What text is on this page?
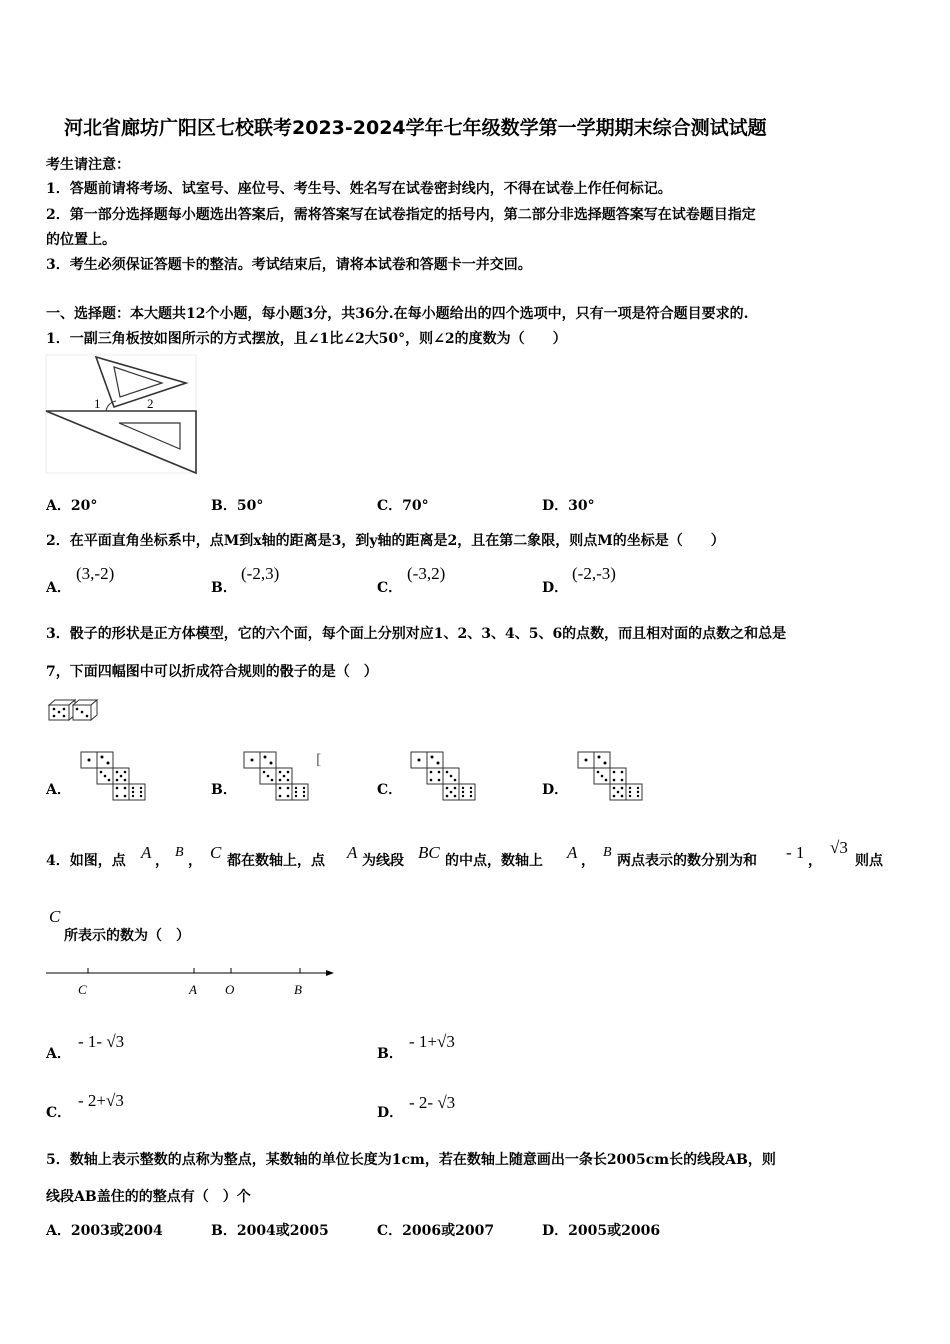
河北省廊坊广阳区七校联考2023-2024学年七年级数学第一学期期末综合测试试题
考生请注意：
1．答题前请将考场、试室号、座位号、考生号、姓名写在试卷密封线内，不得在试卷上作任何标记。
2．第一部分选择题每小题选出答案后，需将答案写在试卷指定的括号内，第二部分非选择题答案写在试卷题目指定
的位置上。
3．考生必须保证答题卡的整洁。考试结束后，请将本试卷和答题卡一并交回。
一、选择题：本大题共12个小题，每小题3分，共36分.在每小题给出的四个选项中，只有一项是符合题目要求的.
1．一副三角板按如图所示的方式摆放，且∠1比∠2大50°，则∠2的度数为（　　）
1	2
A．20°	B．50°	C．70°	D．30°
2．在平面直角坐标系中，点M到x轴的距离是3，到y轴的距离是2，且在第二象限，则点M的坐标是（　　）
A．
(3,-2)
B．
(-2,3)
C．
(-3,2)
D．
(-2,-3)
3．骰子的形状是正方体模型，它的六个面，每个面上分别对应1、2、3、4、5、6的点数，而且相对面的点数之和总是
7，下面四幅图中可以折成符合规则的骰子的是（　）
A．	B．
[
C．	D．
4．如图，点 A ，
B
， C 都在数轴上，点 A 为线段 BC 的中点，数轴上 A ，
B
两点表示的数分别为和 - 1 ，
√3
则点
C
所表示的数为（　）
C	A O	B
A．
- 1- √3
B．
- 1+√3
C．
- 2+√3
D．
- 2- √3
5．数轴上表示整数的点称为整点，某数轴的单位长度为1cm，若在数轴上随意画出一条长2005cm长的线段AB，则
线段AB盖住的的整点有（　）个
A．2003或2004	B．2004或2005	C．2006或2007	D．2005或2006
